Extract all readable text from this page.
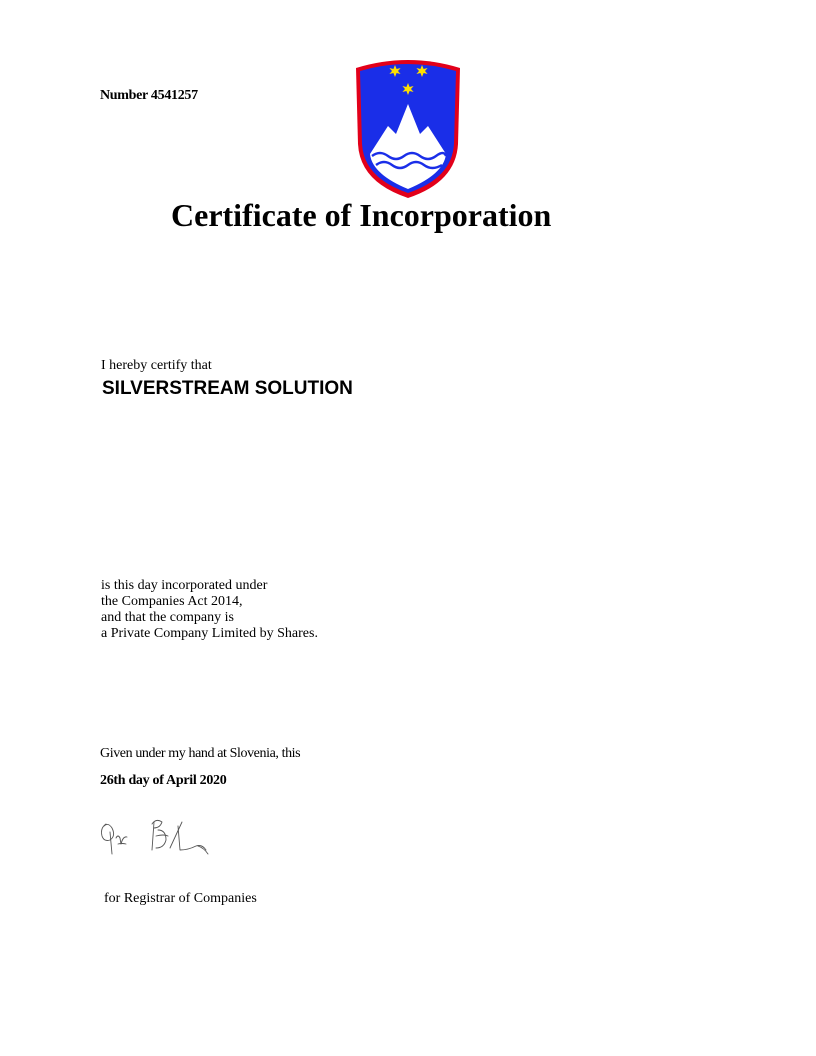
Number 4541257
Certificate of Incorporation
I hereby certify that
SILVERSTREAM SOLUTION
is this day incorporated under
the Companies Act 2014,
and that the company is
a Private Company Limited by Shares.
Given under my hand at Slovenia, this
26th day of April 2020
for Registrar of Companies
